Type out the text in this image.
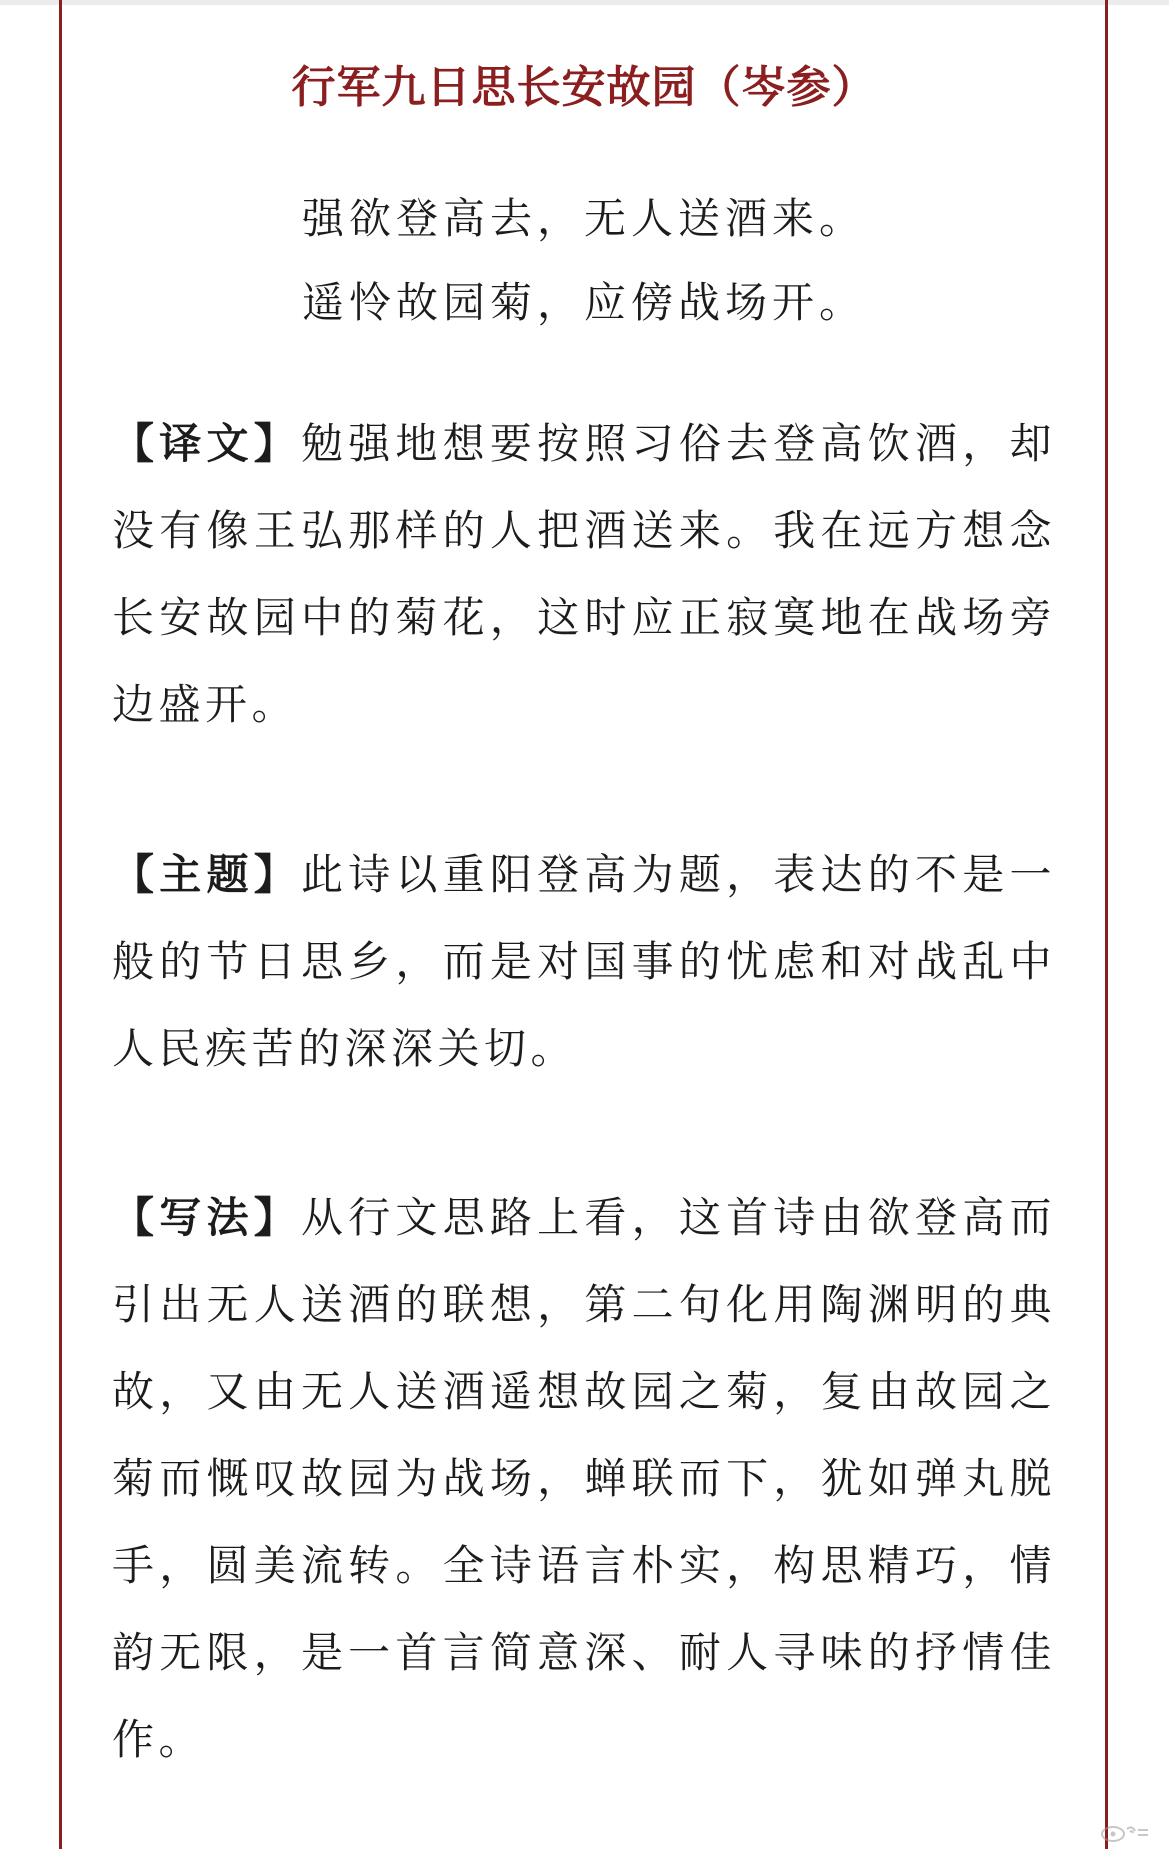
行军九日思长安故园（岑参）
强欲登高去，无人送酒来。
遥怜故园菊，应傍战场开。
【译文】勉强地想要按照习俗去登高饮酒，却没有像王弘那样的人把酒送来。我在远方想念长安故园中的菊花，这时应正寂寞地在战场旁边盛开。
【主题】此诗以重阳登高为题，表达的不是一般的节日思乡，而是对国事的忧虑和对战乱中人民疾苦的深深关切。
【写法】从行文思路上看，这首诗由欲登高而引出无人送酒的联想，第二句化用陶渊明的典故，又由无人送酒遥想故园之菊，复由故园之菊而慨叹故园为战场，蝉联而下，犹如弹丸脱手，圆美流转。全诗语言朴实，构思精巧，情韵无限，是一首言简意深、耐人寻味的抒情佳作。
